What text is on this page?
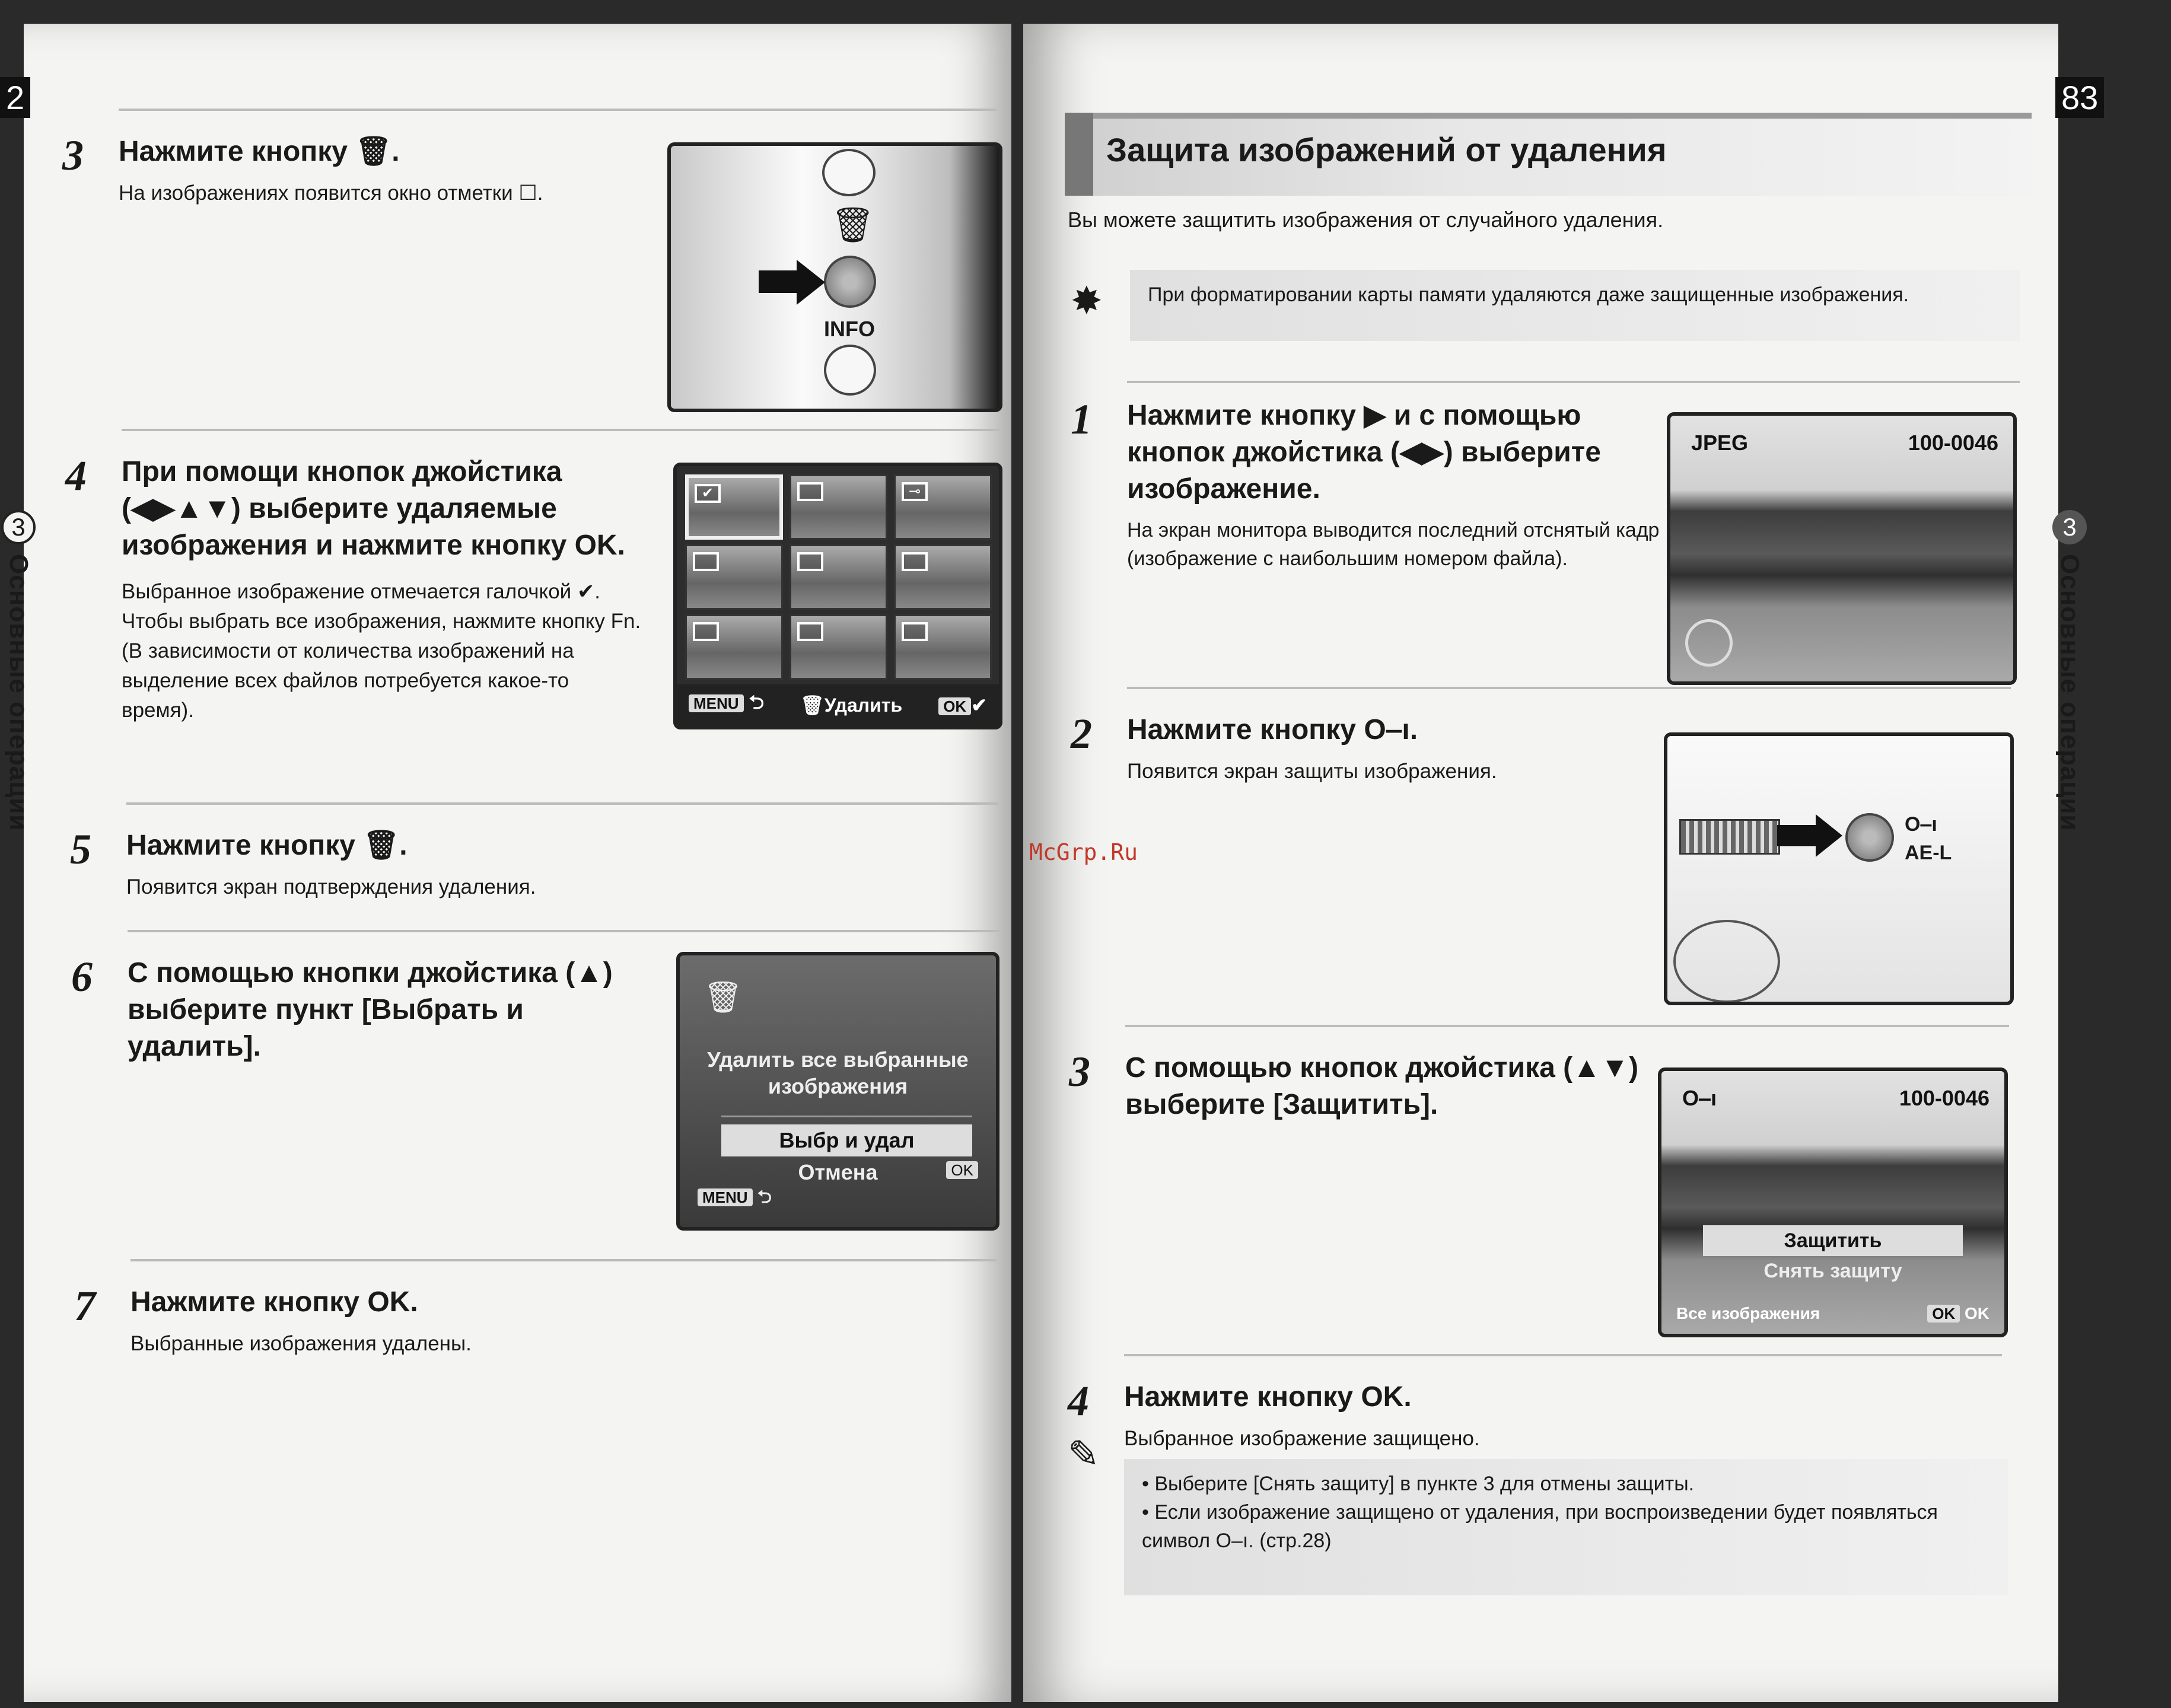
2
3
Основные операции
3 Нажмите кнопку 🗑.

На изображениях появится окно отметки ☐.

🗑
INFO
4 При помощи кнопок джойстика (◀▶▲▼) выберите удаляемые изображения и нажмите кнопку OK.

Выбранное изображение отмечается галочкой ✔.

Чтобы выбрать все изображения, нажмите кнопку Fn. (В зависимости от количества изображений на выделение всех файлов потребуется какое-то время).

✔	⊸
MENU ⮌ 🗑Удалить	OK ✔
5 Нажмите кнопку 🗑.

Появится экран подтверждения удаления.

6 С помощью кнопки джойстика (▲) выберите пункт [Выбрать и удалить].
🗑
Удалить все выбранные
изображения
Выбр и удал
Отмена
MENU ⮌
OK
7 Нажмите кнопку OK.

Выбранные изображения удалены.

83
3
Основные операции
Защита изображений от удаления
Вы можете защитить изображения от случайного удаления.
✸	При форматировании карты памяти удаляются даже защищенные изображения.
1 Нажмите кнопку ▶ и с помощью кнопок джойстика (◀▶) выберите изображение.

На экран монитора выводится последний отснятый кадр (изображение с наибольшим номером файла).

JPEG	100-0046
2 Нажмите кнопку O‒ı.

Появится экран защиты изображения.

O‒ı
AE-L
3 С помощью кнопок джойстика (▲▼) выберите [Защитить].	O‒ı	100-0046
Защитить
Снять защиту
Все изображения	OK OK
4 Нажмите кнопку OK.

Выбранное изображение защищено.

✎
• Выберите [Снять защиту] в пункте 3 для отмены защиты.
• Если изображение защищено от удаления, при воспроизведении будет появляться символ O‒ı. (стр.28)
McGrp.Ru
